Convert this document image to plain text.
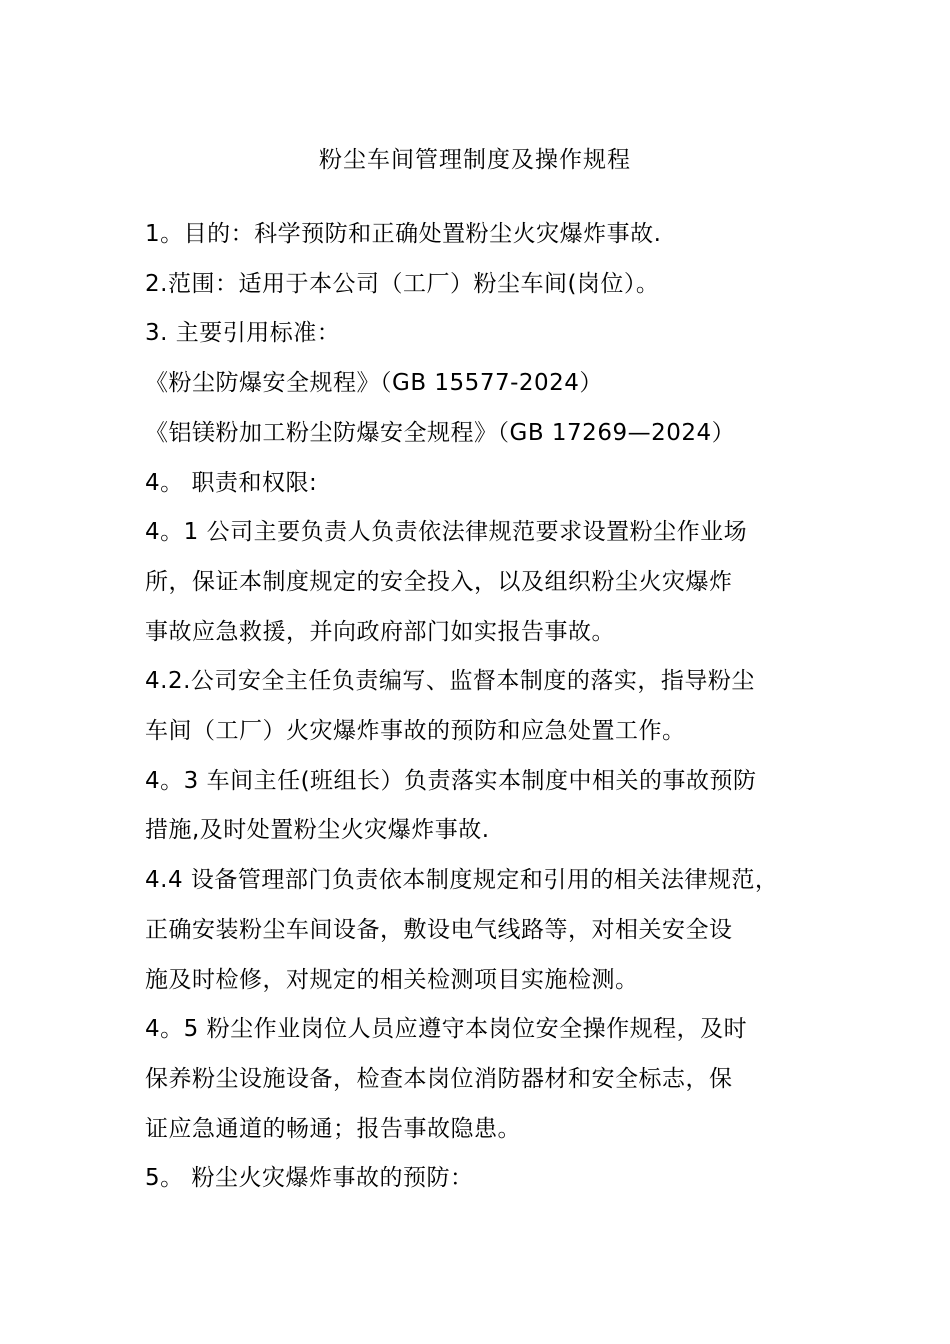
粉尘车间管理制度及操作规程
1。目的：科学预防和正确处置粉尘火灾爆炸事故.
2.范围：适用于本公司（工厂）粉尘车间(岗位）。
3. 主要引用标准：
《粉尘防爆安全规程》（GB 15577-2024）
《铝镁粉加工粉尘防爆安全规程》（GB 17269—2024）
4。 职责和权限:
4。1 公司主要负责人负责依法律规范要求设置粉尘作业场
所，保证本制度规定的安全投入，以及组织粉尘火灾爆炸
事故应急救援，并向政府部门如实报告事故。
4.2.公司安全主任负责编写、监督本制度的落实，指导粉尘
车间（工厂）火灾爆炸事故的预防和应急处置工作。
4。3 车间主任(班组长）负责落实本制度中相关的事故预防
措施,及时处置粉尘火灾爆炸事故.
4.4 设备管理部门负责依本制度规定和引用的相关法律规范，
正确安装粉尘车间设备，敷设电气线路等，对相关安全设
施及时检修，对规定的相关检测项目实施检测。
4。5 粉尘作业岗位人员应遵守本岗位安全操作规程，及时
保养粉尘设施设备，检查本岗位消防器材和安全标志，保
证应急通道的畅通；报告事故隐患。
5。 粉尘火灾爆炸事故的预防：
